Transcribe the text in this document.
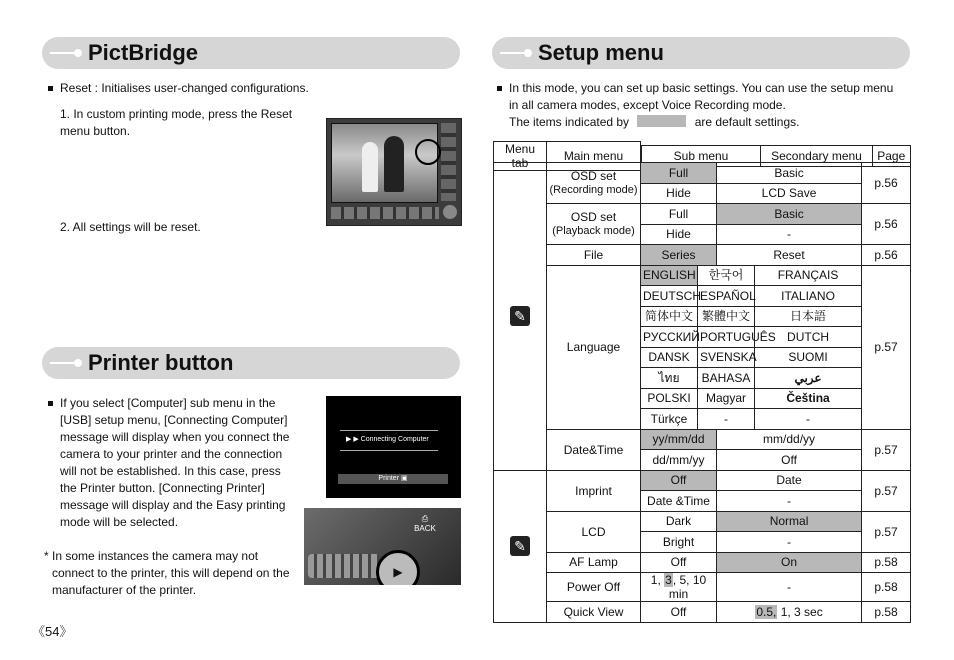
PictBridge
Reset : Initialises user-changed configurations.
1. In custom printing mode, press the Reset menu button.
2. All settings will be reset.
Printer button
If you select [Computer] sub menu in the [USB] setup menu, [Connecting Computer] message will display when you connect the camera to your printer and the connection will not be established. In this case, press the Printer button. [Connecting Printer] message will display and the Easy printing mode will be selected.
* In some instances the camera may not connect to the printer, this will depend on the manufacturer of the printer.
▶ ▶ Connecting Computer
Printer ▣
⎙
BACK
▶
《54》
Setup menu
In this mode, you can set up basic settings. You can use the setup menu in all camera modes, except Voice Recording mode.
The items indicated by	are default settings.
Menu tab	Main menu		Sub menu	Secondary menu	Page
✎	OSD set
(Recording mode)	Full		Basic		p.56
		Hide		LCD Save		
	OSD set
(Playback mode)	Full		Basic		p.56
		Hide		-		
	File	Series		Reset		p.56
	Language	ENGLISH	한국어		FRANÇAIS	p.57
		DEUTSCH	ESPAÑOL		ITALIANO	
		简体中文	繁體中文		日本語	
		РУССКИЙ	PORTUGUÊS		DUTCH	
		DANSK	SVENSKA		SUOMI	
		ไทย	BAHASA		عربي	
		POLSKI	Magyar		Čeština	
		Türkçe	-		-	
	Date&Time	yy/mm/dd		mm/dd/yy		p.57
		dd/mm/yy		Off		
✎	Imprint	Off		Date		p.57
		Date &Time		-		
	LCD	Dark		Normal		p.57
		Bright		-		
	AF Lamp	Off		On		p.58
	Power Off	1, 3, 5, 10 min		-		p.58
	Quick View	Off		0.5, 1, 3 sec		p.58
